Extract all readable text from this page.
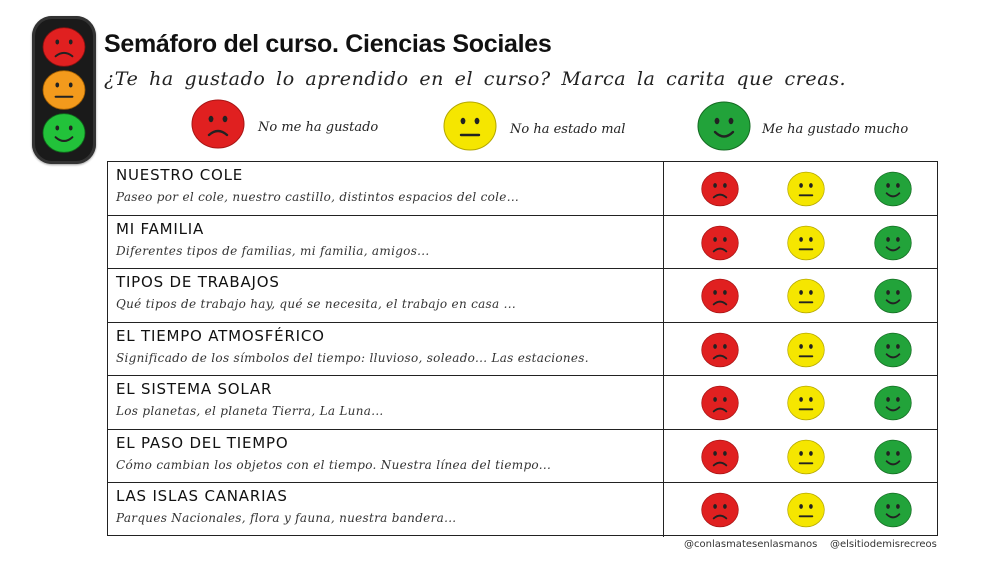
Semáforo del curso. Ciencias Sociales
¿Te ha gustado lo aprendido en el curso? Marca la carita que creas.
No me ha gustado	No ha estado mal	Me ha gustado mucho
NUESTRO COLE
Paseo por el cole, nuestro castillo, distintos espacios del cole...
MI FAMILIA
Diferentes tipos de familias, mi familia, amigos...
TIPOS DE TRABAJOS
Qué tipos de trabajo hay, qué se necesita, el trabajo en casa ...
EL TIEMPO ATMOSFÉRICO
Significado de los símbolos del tiempo: lluvioso, soleado... Las estaciones.
EL SISTEMA SOLAR
Los planetas, el planeta Tierra, La Luna...
EL PASO DEL TIEMPO
Cómo cambian los objetos con el tiempo. Nuestra línea del tiempo...
LAS ISLAS CANARIAS
Parques Nacionales, flora y fauna, nuestra bandera...
@conlasmatesenlasmanos @elsitiodemisrecreos
